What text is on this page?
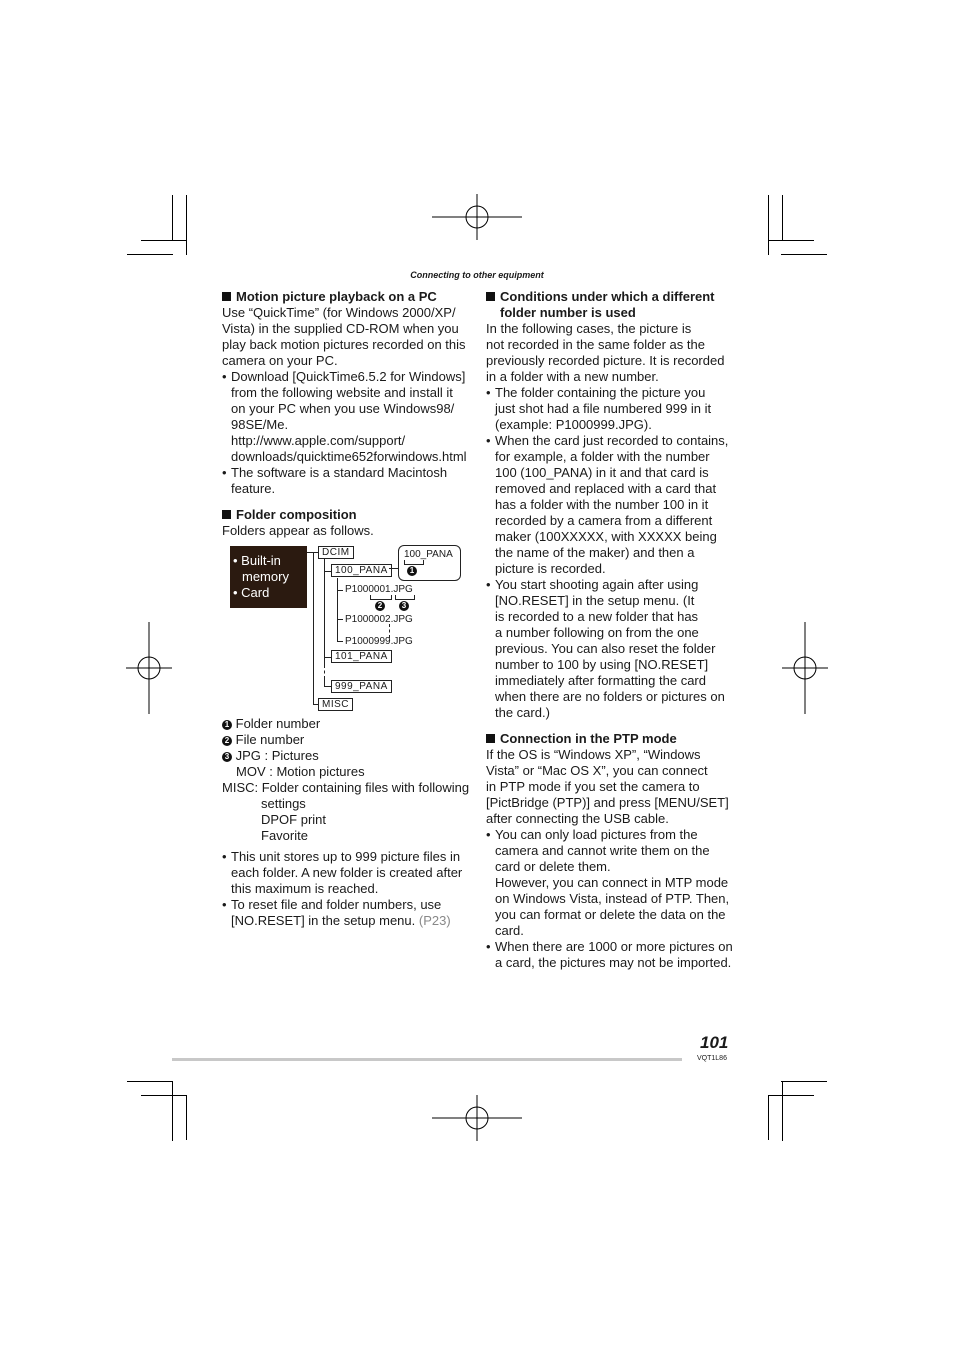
Connecting to other equipment
Motion picture playback on a PC
Use “QuickTime” (for Windows 2000/XP/
Vista) in the supplied CD-ROM when you
play back motion pictures recorded on this
camera on your PC.
• Download [QuickTime6.5.2 for Windows]
from the following website and install it
on your PC when you use Windows98/
98SE/Me.
http://www.apple.com/support/
downloads/quicktime652forwindows.html
• The software is a standard Macintosh
feature.
Folder composition
Folders appear as follows.
• Built-in
memory
• Card
DCIM
100_PANA
P1000001.JPG
P1000002.JPG
P1000999.JPG
101_PANA
999_PANA
MISC
2	3
100_PANA
1
1 Folder number
2 File number
3 JPG : Pictures
MOV : Motion pictures
MISC: Folder containing files with following
settings
DPOF print
Favorite
• This unit stores up to 999 picture files in
each folder. A new folder is created after
this maximum is reached.
• To reset file and folder numbers, use
[NO.RESET] in the setup menu. (P23)
Conditions under which a different
folder number is used
In the following cases, the picture is
not recorded in the same folder as the
previously recorded picture. It is recorded
in a folder with a new number.
• The folder containing the picture you
just shot had a file numbered 999 in it
(example: P1000999.JPG).
• When the card just recorded to contains,
for example, a folder with the number
100 (100_PANA) in it and that card is
removed and replaced with a card that
has a folder with the number 100 in it
recorded by a camera from a different
maker (100XXXXX, with XXXXX being
the name of the maker) and then a
picture is recorded.
• You start shooting again after using
[NO.RESET] in the setup menu. (It
is recorded to a new folder that has
a number following on from the one
previous. You can also reset the folder
number to 100 by using [NO.RESET]
immediately after formatting the card
when there are no folders or pictures on
the card.)
Connection in the PTP mode
If the OS is “Windows XP”, “Windows
Vista” or “Mac OS X”, you can connect
in PTP mode if you set the camera to
[PictBridge (PTP)] and press [MENU/SET]
after connecting the USB cable.
• You can only load pictures from the
camera and cannot write them on the
card or delete them.
However, you can connect in MTP mode
on Windows Vista, instead of PTP. Then,
you can format or delete the data on the
card.
• When there are 1000 or more pictures on
a card, the pictures may not be imported.
101
VQT1L86
